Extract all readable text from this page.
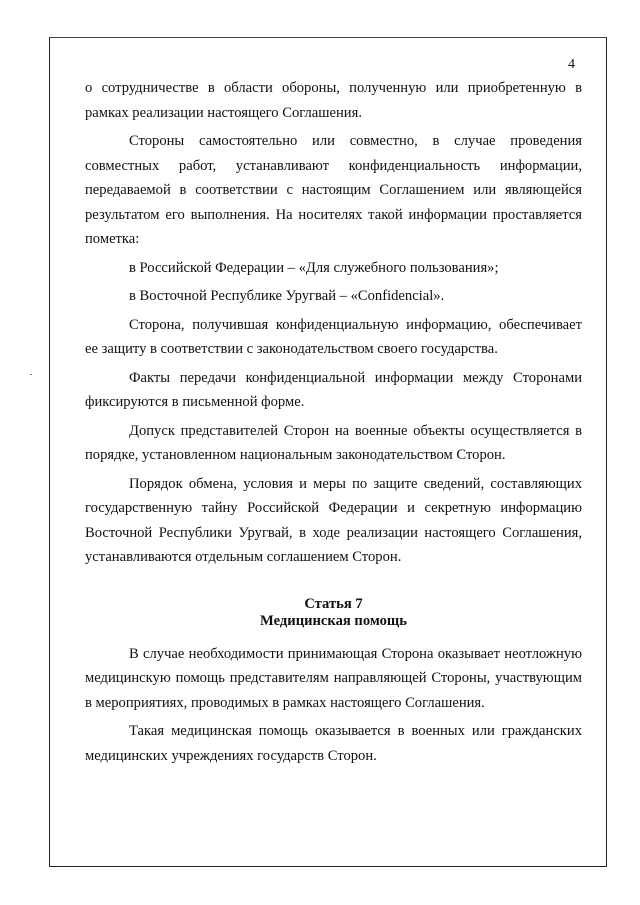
4

о сотрудничестве в области обороны, полученную или приобретенную в рамках реализации настоящего Соглашения.

Стороны самостоятельно или совместно, в случае проведения совместных работ, устанавливают конфиденциальность информации, передаваемой в соответствии с настоящим Соглашением или являющейся результатом его выполнения. На носителях такой информации проставляется пометка:

в Российской Федерации – «Для служебного пользования»;

в Восточной Республике Уругвай – «Confidencial».

Сторона, получившая конфиденциальную информацию, обеспечивает ее защиту в соответствии с законодательством своего государства.

Факты передачи конфиденциальной информации между Сторонами фиксируются в письменной форме.

Допуск представителей Сторон на военные объекты осуществляется в порядке, установленном национальным законодательством Сторон.

Порядок обмена, условия и меры по защите сведений, составляющих государственную тайну Российской Федерации и секретную информацию Восточной Республики Уругвай, в ходе реализации настоящего Соглашения, устанавливаются отдельным соглашением Сторон.

Статья 7
Медицинская помощь

В случае необходимости принимающая Сторона оказывает неотложную медицинскую помощь представителям направляющей Стороны, участвующим в мероприятиях, проводимых в рамках настоящего Соглашения.

Такая медицинская помощь оказывается в военных или гражданских медицинских учреждениях государств Сторон.
